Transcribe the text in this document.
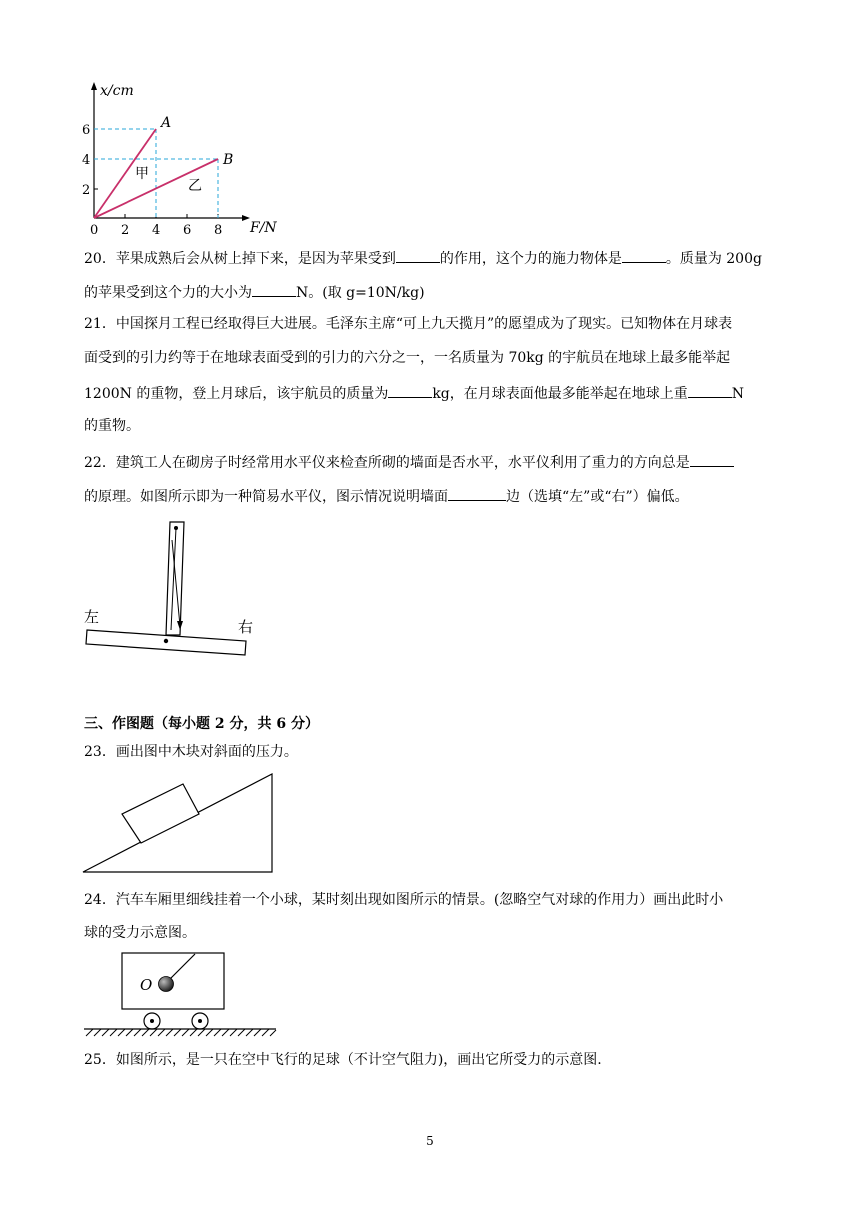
x/cm
F/N
6
4
2
0 2 4 6 8
A
B
甲
乙
20．苹果成熟后会从树上掉下来，是因为苹果受到	的作用，这个力的施力物体是	。质量为 200g
的苹果受到这个力的大小为	N。(取 g=10N/kg)
21．中国探月工程已经取得巨大进展。毛泽东主席“可上九天揽月”的愿望成为了现实。已知物体在月球表
面受到的引力约等于在地球表面受到的引力的六分之一，一名质量为 70kg 的宇航员在地球上最多能举起
1200N 的重物，登上月球后，该宇航员的质量为	kg，在月球表面他最多能举起在地球上重	N
的重物。
22．建筑工人在砌房子时经常用水平仪来检查所砌的墙面是否水平，水平仪利用了重力的方向总是
的原理。如图所示即为一种简易水平仪，图示情况说明墙面	边（选填“左”或“右”）偏低。
左
右
三、作图题（每小题 2 分，共 6 分）
23．画出图中木块对斜面的压力。
24．汽车车厢里细线挂着一个小球，某时刻出现如图所示的情景。(忽略空气对球的作用力）画出此时小
球的受力示意图。
O
25．如图所示，是一只在空中飞行的足球（不计空气阻力)，画出它所受力的示意图.
5
